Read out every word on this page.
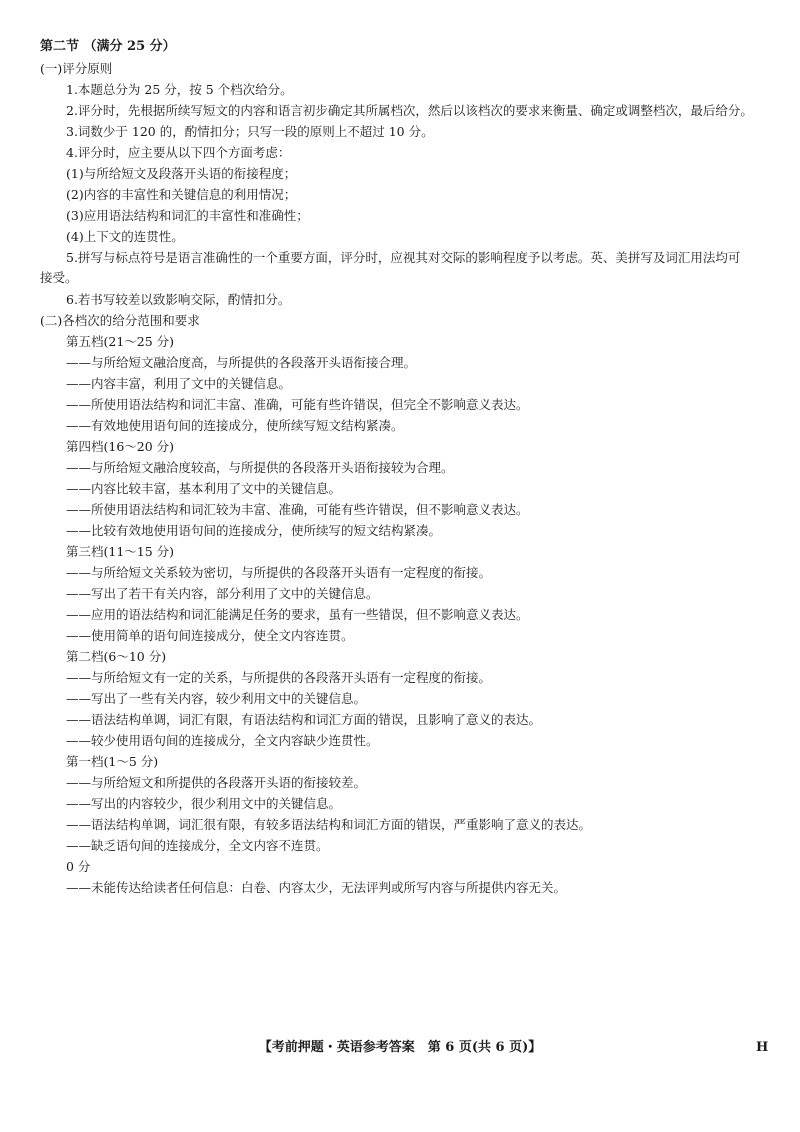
第二节 （满分 25 分）
(一)评分原则
1.本题总分为 25 分，按 5 个档次给分。
2.评分时，先根据所续写短文的内容和语言初步确定其所属档次，然后以该档次的要求来衡量、确定或调整档次，最后给分。
3.词数少于 120 的，酌情扣分；只写一段的原则上不超过 10 分。
4.评分时，应主要从以下四个方面考虑：
(1)与所给短文及段落开头语的衔接程度；
(2)内容的丰富性和关键信息的利用情况；
(3)应用语法结构和词汇的丰富性和准确性；
(4)上下文的连贯性。
5.拼写与标点符号是语言准确性的一个重要方面，评分时，应视其对交际的影响程度予以考虑。英、美拼写及词汇用法均可接受。
6.若书写较差以致影响交际，酌情扣分。
(二)各档次的给分范围和要求
第五档(21～25 分)
——与所给短文融洽度高，与所提供的各段落开头语衔接合理。
——内容丰富，利用了文中的关键信息。
——所使用语法结构和词汇丰富、准确，可能有些许错误，但完全不影响意义表达。
——有效地使用语句间的连接成分，使所续写短文结构紧凑。
第四档(16～20 分)
——与所给短文融洽度较高，与所提供的各段落开头语衔接较为合理。
——内容比较丰富，基本利用了文中的关键信息。
——所使用语法结构和词汇较为丰富、准确，可能有些许错误，但不影响意义表达。
——比较有效地使用语句间的连接成分，使所续写的短文结构紧凑。
第三档(11～15 分)
——与所给短文关系较为密切，与所提供的各段落开头语有一定程度的衔接。
——写出了若干有关内容，部分利用了文中的关键信息。
——应用的语法结构和词汇能满足任务的要求，虽有一些错误，但不影响意义表达。
——使用简单的语句间连接成分，使全文内容连贯。
第二档(6～10 分)
——与所给短文有一定的关系，与所提供的各段落开头语有一定程度的衔接。
——写出了一些有关内容，较少利用文中的关键信息。
——语法结构单调，词汇有限，有语法结构和词汇方面的错误，且影响了意义的表达。
——较少使用语句间的连接成分，全文内容缺少连贯性。
第一档(1～5 分)
——与所给短文和所提供的各段落开头语的衔接较差。
——写出的内容较少，很少利用文中的关键信息。
——语法结构单调，词汇很有限，有较多语法结构和词汇方面的错误，严重影响了意义的表达。
——缺乏语句间的连接成分，全文内容不连贯。
0 分
——未能传达给读者任何信息：白卷、内容太少，无法评判或所写内容与所提供内容无关。
【考前押题・英语参考答案　第 6 页(共 6 页)】	H
